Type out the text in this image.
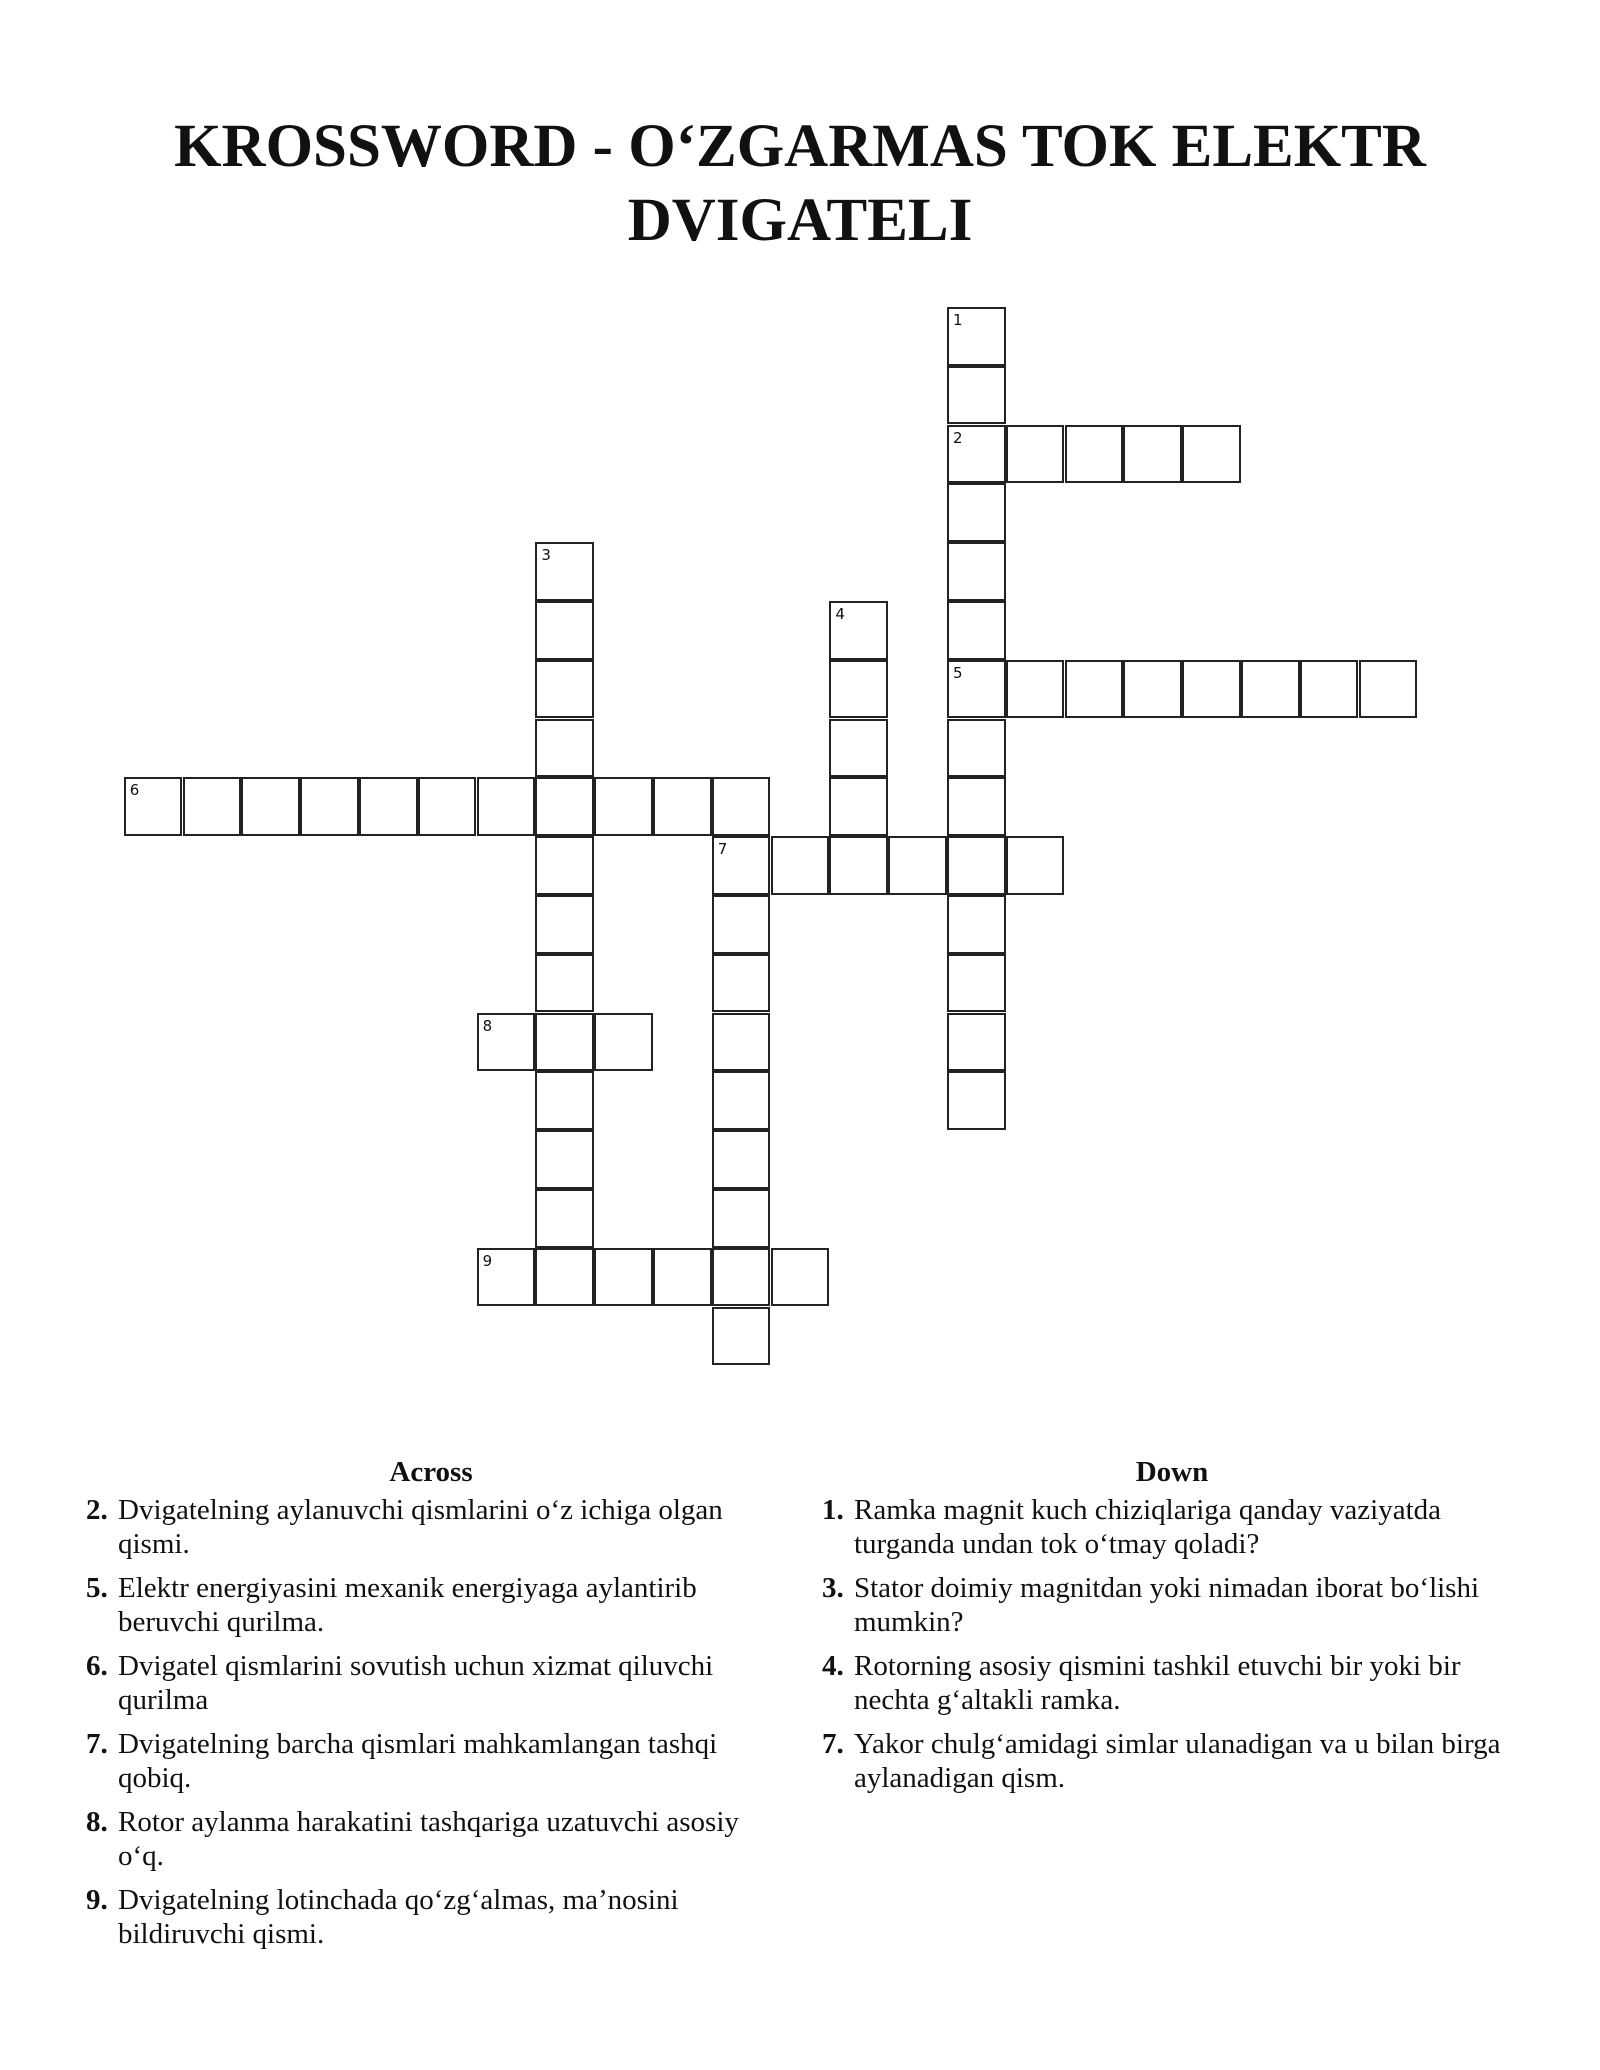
KROSSWORD - O‘ZGARMAS TOK ELEKTR DVIGATELI
1
2
5
3
4
6
7
8
9
Across
2. Dvigatelning aylanuvchi qismlarini o‘z ichiga olgan qismi.
5. Elektr energiyasini mexanik energiyaga aylantirib beruvchi qurilma.
6. Dvigatel qismlarini sovutish uchun xizmat qiluvchi qurilma
7. Dvigatelning barcha qismlari mahkamlangan tashqi qobiq.
8. Rotor aylanma harakatini tashqariga uzatuvchi asosiy o‘q.
9. Dvigatelning lotinchada qo‘zg‘almas, ma’nosini bildiruvchi qismi.
Down
1. Ramka magnit kuch chiziqlariga qanday vaziyatda turganda undan tok o‘tmay qoladi?
3. Stator doimiy magnitdan yoki nimadan iborat bo‘lishi mumkin?
4. Rotorning asosiy qismini tashkil etuvchi bir yoki bir nechta g‘altakli ramka.
7. Yakor chulg‘amidagi simlar ulanadigan va u bilan birga aylanadigan qism.
